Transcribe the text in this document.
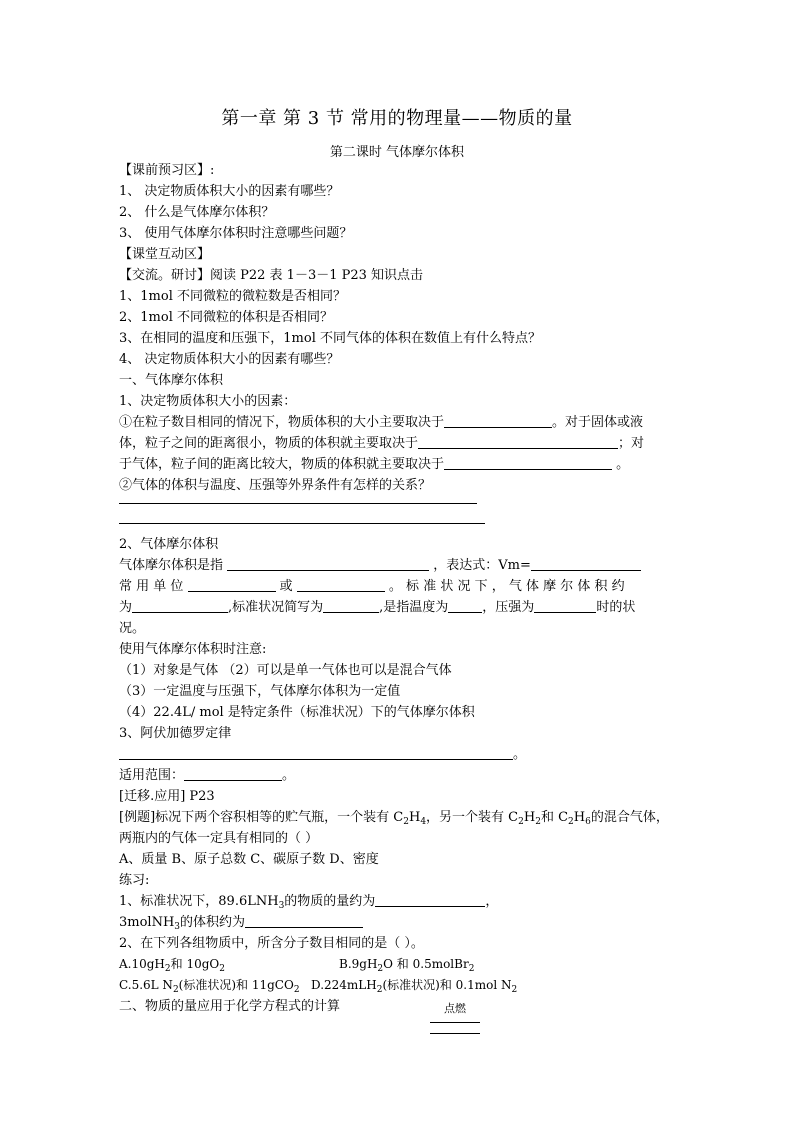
第一章 第 3 节 常用的物理量——物质的量
第二课时 气体摩尔体积
【课前预习区】:
1、 决定物质体积大小的因素有哪些？
2、 什么是气体摩尔体积？
3、 使用气体摩尔体积时注意哪些问题？
【课堂互动区】
【交流。研讨】阅读 P22 表 1－3－1 P23 知识点击
1、1mol 不同微粒的微粒数是否相同？
2、1mol 不同微粒的体积是否相同？
3、在相同的温度和压强下，1mol 不同气体的体积在数值上有什么特点？
4、 决定物质体积大小的因素有哪些？
一、气体摩尔体积
1、决定物质体积大小的因素：
①在粒子数目相同的情况下，物质体积的大小主要取决于	。对于固体或液
体，粒子之间的距离很小，物质的体积就主要取决于	；对
于气体，粒子间的距离比较大，物质的体积就主要取决于	。
②气体的体积与温度、压强等外界条件有怎样的关系？
2、气体摩尔体积
气体摩尔体积是指	，表达式：Vm=
常 用 单 位	或	。 标 准 状 况 下 ， 气 体 摩 尔 体 积 约
为	,标准状况简写为	,是指温度为	，压强为	时的状
况。
使用气体摩尔体积时注意:
（1）对象是气体 （2）可以是单一气体也可以是混合气体
（3）一定温度与压强下，气体摩尔体积为一定值
（4）22.4L/ mol 是特定条件（标准状况）下的气体摩尔体积
3、阿伏加德罗定律
。
适用范围：	。
[迁移.应用] P23
[例题]标况下两个容积相等的贮气瓶，一个装有 $C_2H_4$，另一个装有 $C_2H_2$和 $C_2H_6$的混合气体，
两瓶内的气体一定具有相同的（ ）
A、质量 B、原子总数 C、碳原子数 D、密度
练习:
1、标准状况下，$89.6LNH_3$的物质的量约为	，
3molNH$_3$的体积约为
2、在下列各组物质中，所含分子数目相同的是（ ）。
$A.10gH_2$和 $10gO_2$	$B.9gH_2O$ 和 0.5molBr$_2$
C.5.6L $N_2$(标准状况)和 11gCO$_2$ D.224mLH$_2$(标准状况)和 0.1mol $N_2$
二、物质的量应用于化学方程式的计算	点燃
